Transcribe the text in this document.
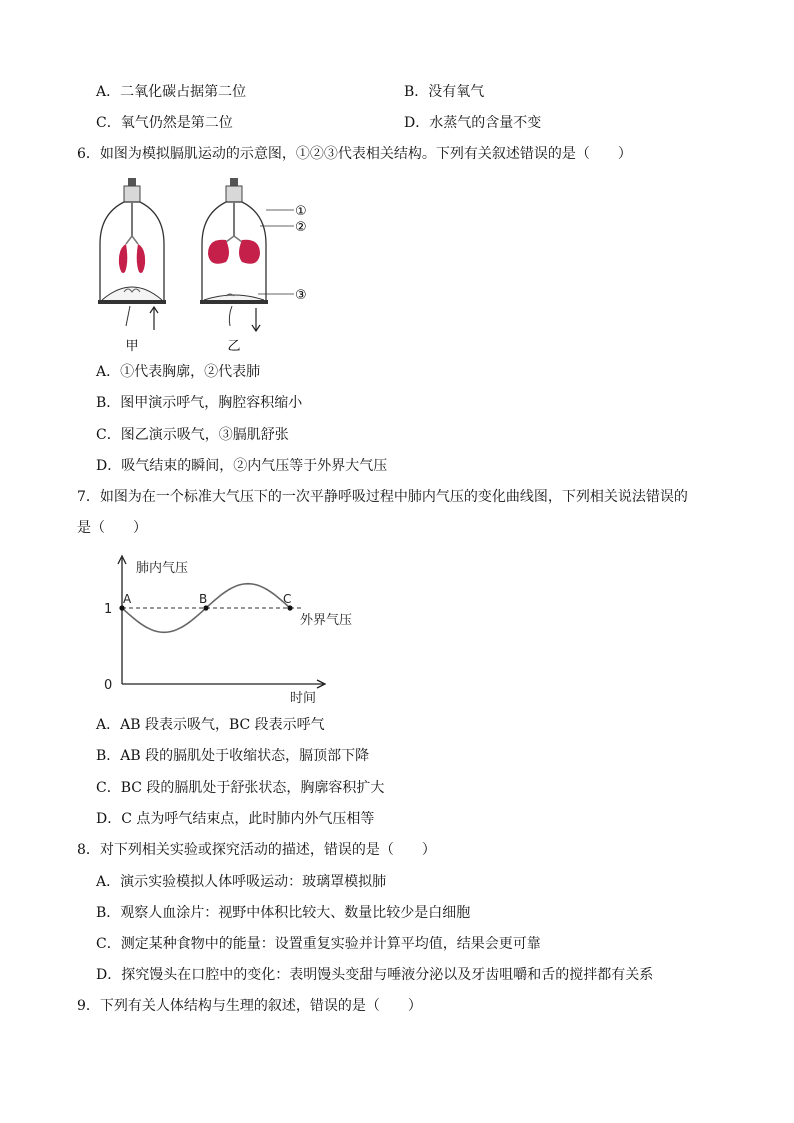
A．二氧化碳占据第二位	B．没有氧气
C．氧气仍然是第二位	D．水蒸气的含量不变
6．如图为模拟膈肌运动的示意图，①②③代表相关结构。下列有关叙述错误的是（　　）
甲	乙
①
②
③
A．①代表胸廓，②代表肺
B．图甲演示呼气，胸腔容积缩小
C．图乙演示吸气，③膈肌舒张
D．吸气结束的瞬间，②内气压等于外界大气压
7．如图为在一个标准大气压下的一次平静呼吸过程中肺内气压的变化曲线图，下列相关说法错误的
是（　　）
肺内气压
时间
1
0
外界气压
A	B	C
A．AB 段表示吸气，BC 段表示呼气
B．AB 段的膈肌处于收缩状态，膈顶部下降
C．BC 段的膈肌处于舒张状态，胸廓容积扩大
D．C 点为呼气结束点，此时肺内外气压相等
8．对下列相关实验或探究活动的描述，错误的是（　　）
A．演示实验模拟人体呼吸运动：玻璃罩模拟肺
B．观察人血涂片：视野中体积比较大、数量比较少是白细胞
C．测定某种食物中的能量：设置重复实验并计算平均值，结果会更可靠
D．探究馒头在口腔中的变化：表明馒头变甜与唾液分泌以及牙齿咀嚼和舌的搅拌都有关系
9．下列有关人体结构与生理的叙述，错误的是（　　）
